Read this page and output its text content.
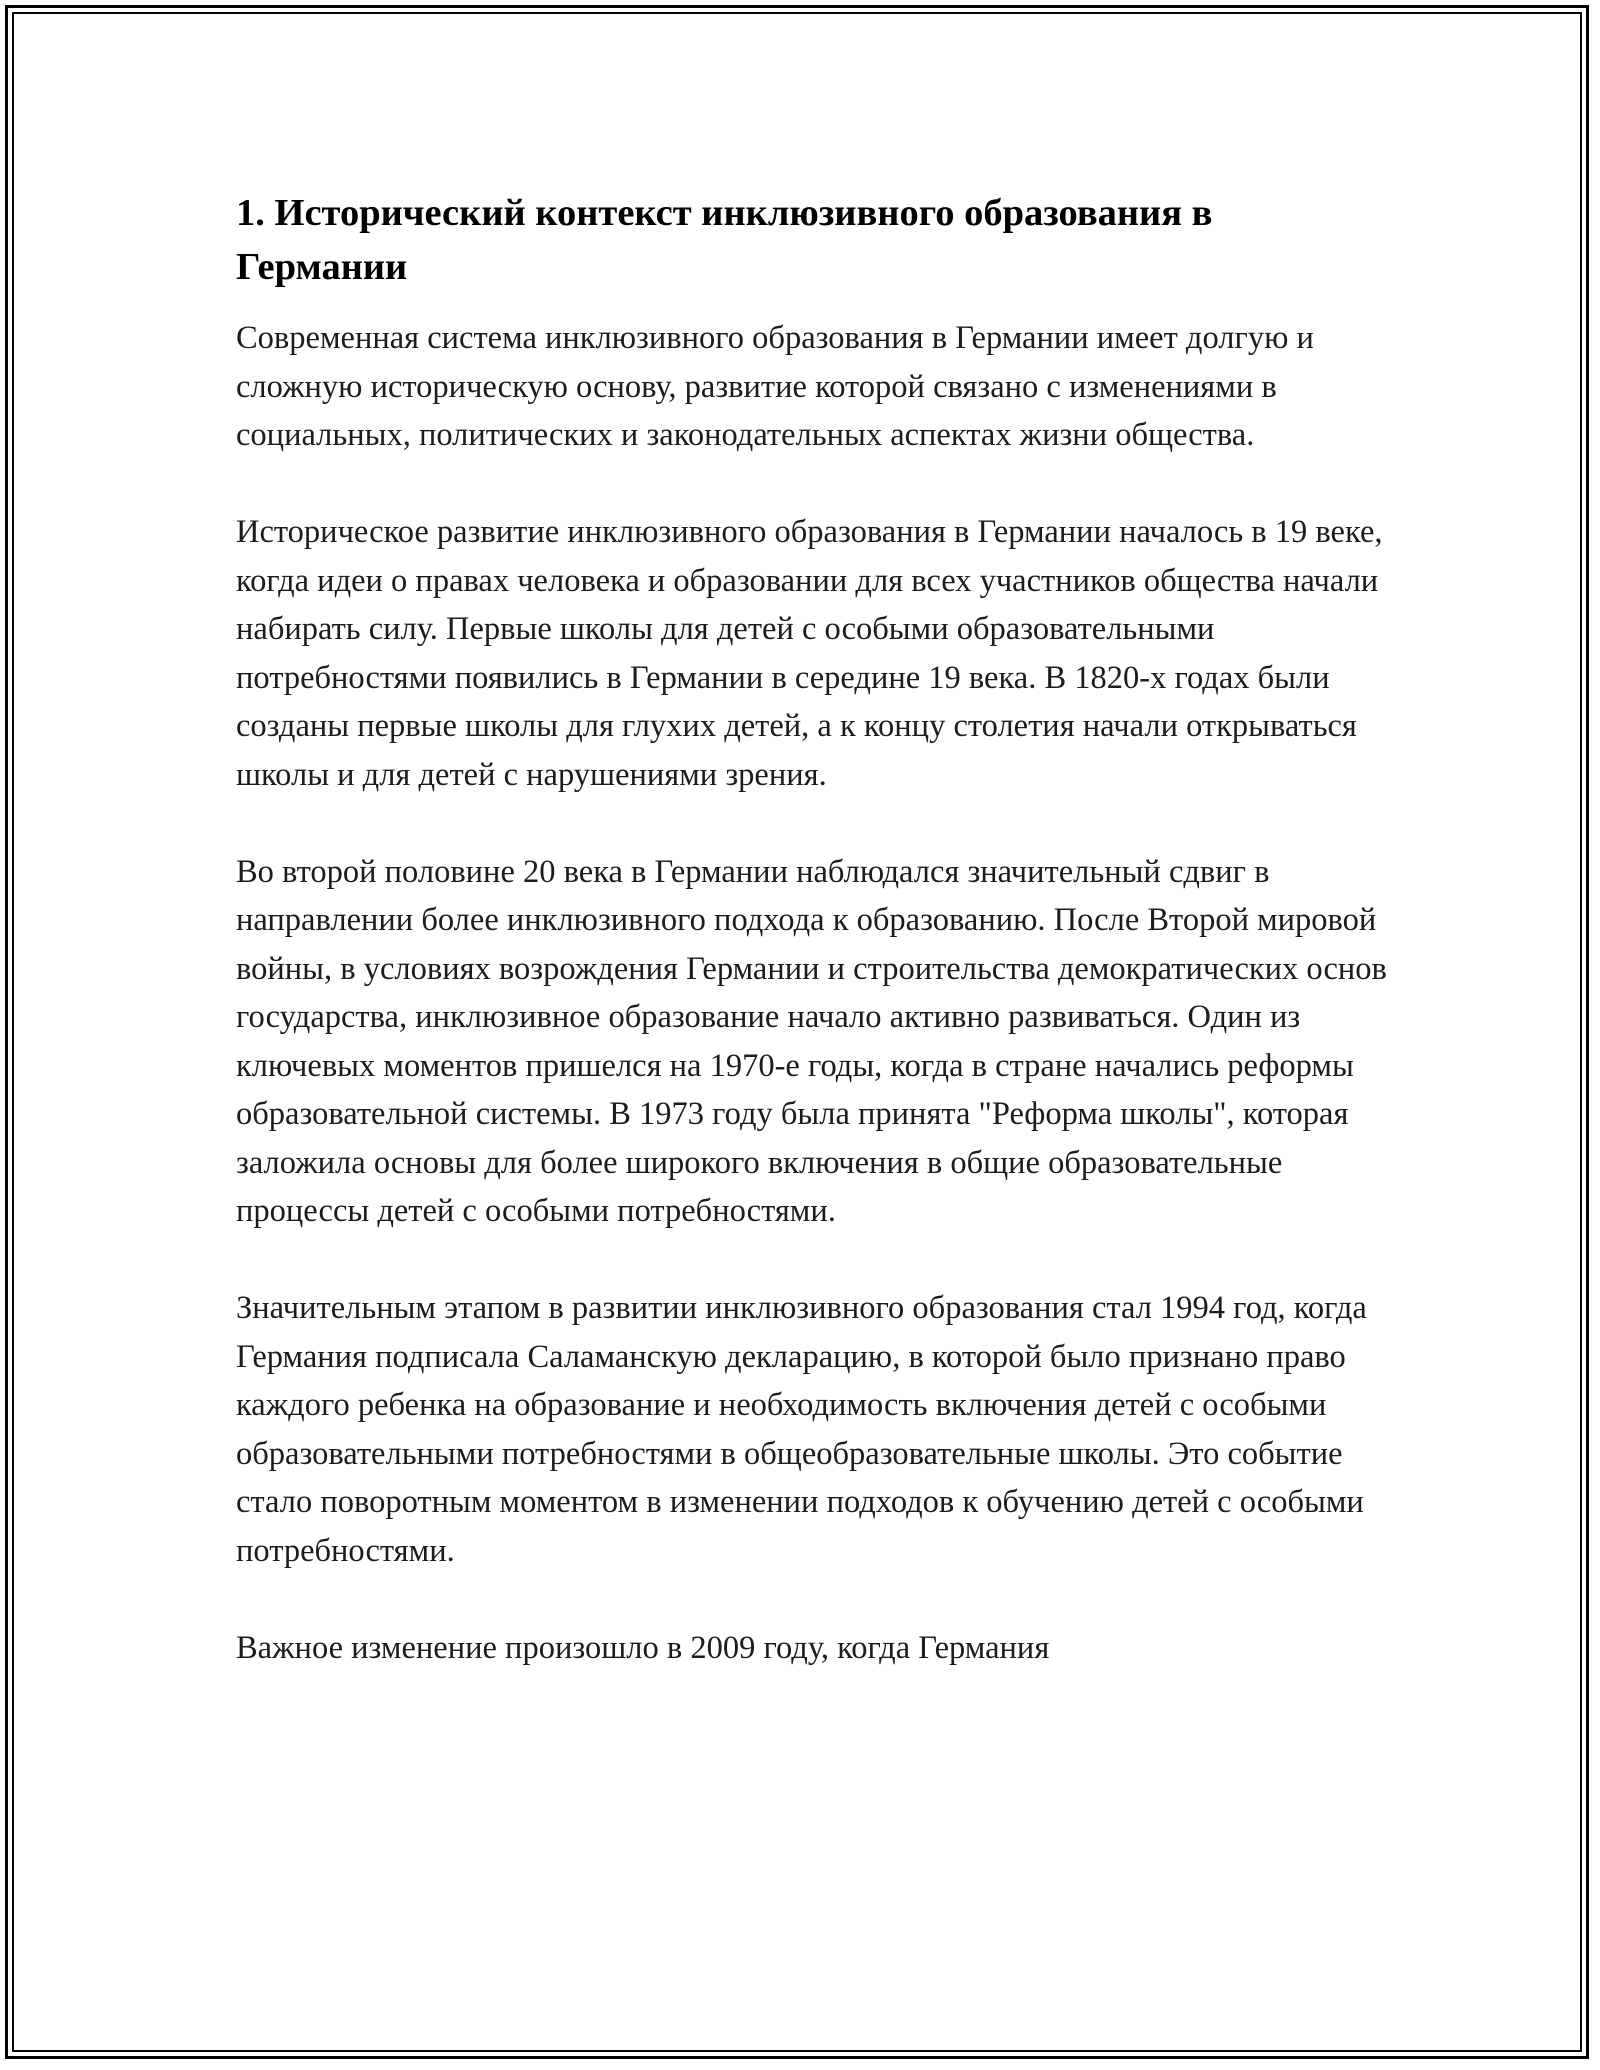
1. Исторический контекст инклюзивного образования в Германии

Современная система инклюзивного образования в Германии имеет долгую и сложную историческую основу, развитие которой связано с изменениями в социальных, политических и законодательных аспектах жизни общества.

Историческое развитие инклюзивного образования в Германии началось в 19 веке, когда идеи о правах человека и образовании для всех участников общества начали набирать силу. Первые школы для детей с особыми образовательными потребностями появились в Германии в середине 19 века. В 1820-х годах были созданы первые школы для глухих детей, а к концу столетия начали открываться школы и для детей с нарушениями зрения.

Во второй половине 20 века в Германии наблюдался значительный сдвиг в направлении более инклюзивного подхода к образованию. После Второй мировой войны, в условиях возрождения Германии и строительства демократических основ государства, инклюзивное образование начало активно развиваться. Один из ключевых моментов пришелся на 1970-е годы, когда в стране начались реформы образовательной системы. В 1973 году была принята "Реформа школы", которая заложила основы для более широкого включения в общие образовательные процессы детей с особыми потребностями.

Значительным этапом в развитии инклюзивного образования стал 1994 год, когда Германия подписала Саламанскую декларацию, в которой было признано право каждого ребенка на образование и необходимость включения детей с особыми образовательными потребностями в общеобразовательные школы. Это событие стало поворотным моментом в изменении подходов к обучению детей с особыми потребностями.

Важное изменение произошло в 2009 году, когда Германия
